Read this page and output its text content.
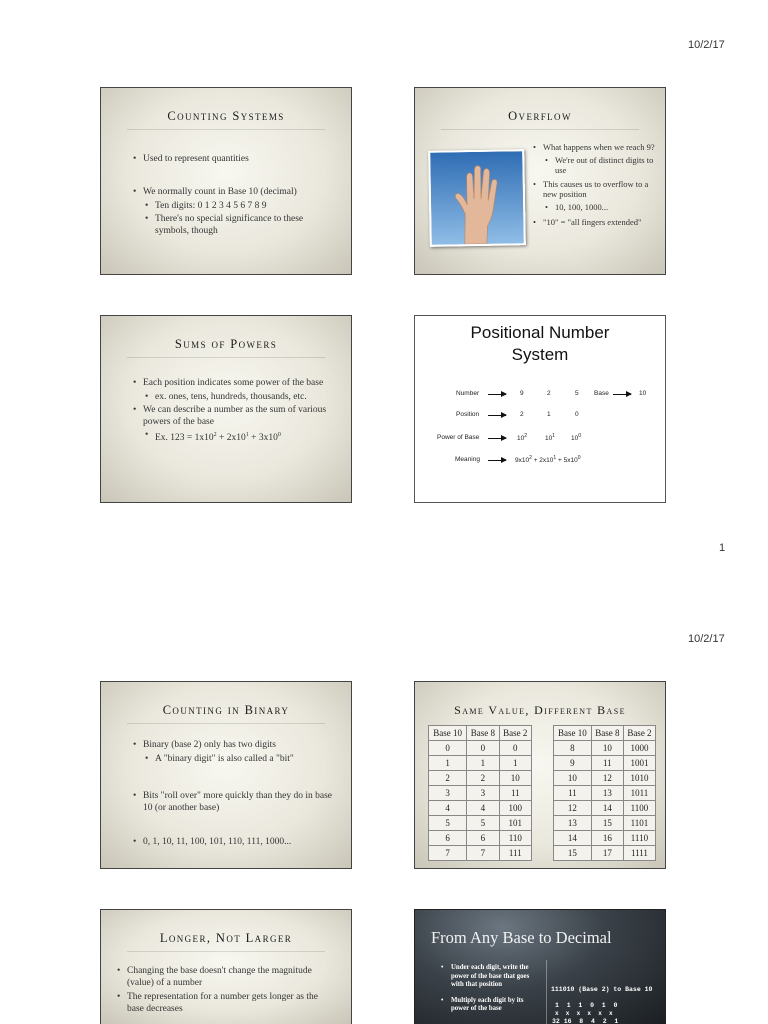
10/2/17
Counting Systems
• Used to represent quantities
• We normally count in Base 10 (decimal)
• Ten digits: 0 1 2 3 4 5 6 7 8 9
• There's no special significance to these symbols, though
Overflow
• What happens when we reach 9?
• We're out of distinct digits to use
• This causes us to overflow to a new position
• 10, 100, 1000...
• "10" = "all fingers extended"
Sums of Powers
• Each position indicates some power of the base
• ex. ones, tens, hundreds, thousands, etc.
• We can describe a number as the sum of various powers of the base
• Ex. $123 = 1x10^2 + 2x10^1 + 3x10^0$
Positional Number
System
Number	9	2	5 Base	10
Position	2	1	0
Power of Base	$10^2$	$10^1$ $10^0$
Meaning	$9x10^2 + 2x10^1 + 5x10^0$
1
10/2/17
Counting in Binary
• Binary (base 2) only has two digits
• A "binary digit" is also called a "bit"
• Bits "roll over" more quickly than they do in base 10 (or another base)
• 0, 1, 10, 11, 100, 101, 110, 111, 1000...
Same Value, Different Base
Base 10	Base 8	Base 2
0	0	0
1	1	1
2	2	10
3	3	11
4	4	100
5	5	101
6	6	110
7	7	111
Base 10	Base 8	Base 2
8	10	1000
9	11	1001
10	12	1010
11	13	1011
12	14	1100
13	15	1101
14	16	1110
15	17	1111
Longer, Not Larger
• Changing the base doesn't change the magnitude (value) of a number
• The representation for a number gets longer as the base decreases
From Any Base to Decimal
• Under each digit, write the power of the base that goes with that position
• Multiply each digit by its power of the base
111010 (Base 2) to Base 10
1  1  1  0  1  0
x  x  x  x  x  x
32 16  8  4  2  1
